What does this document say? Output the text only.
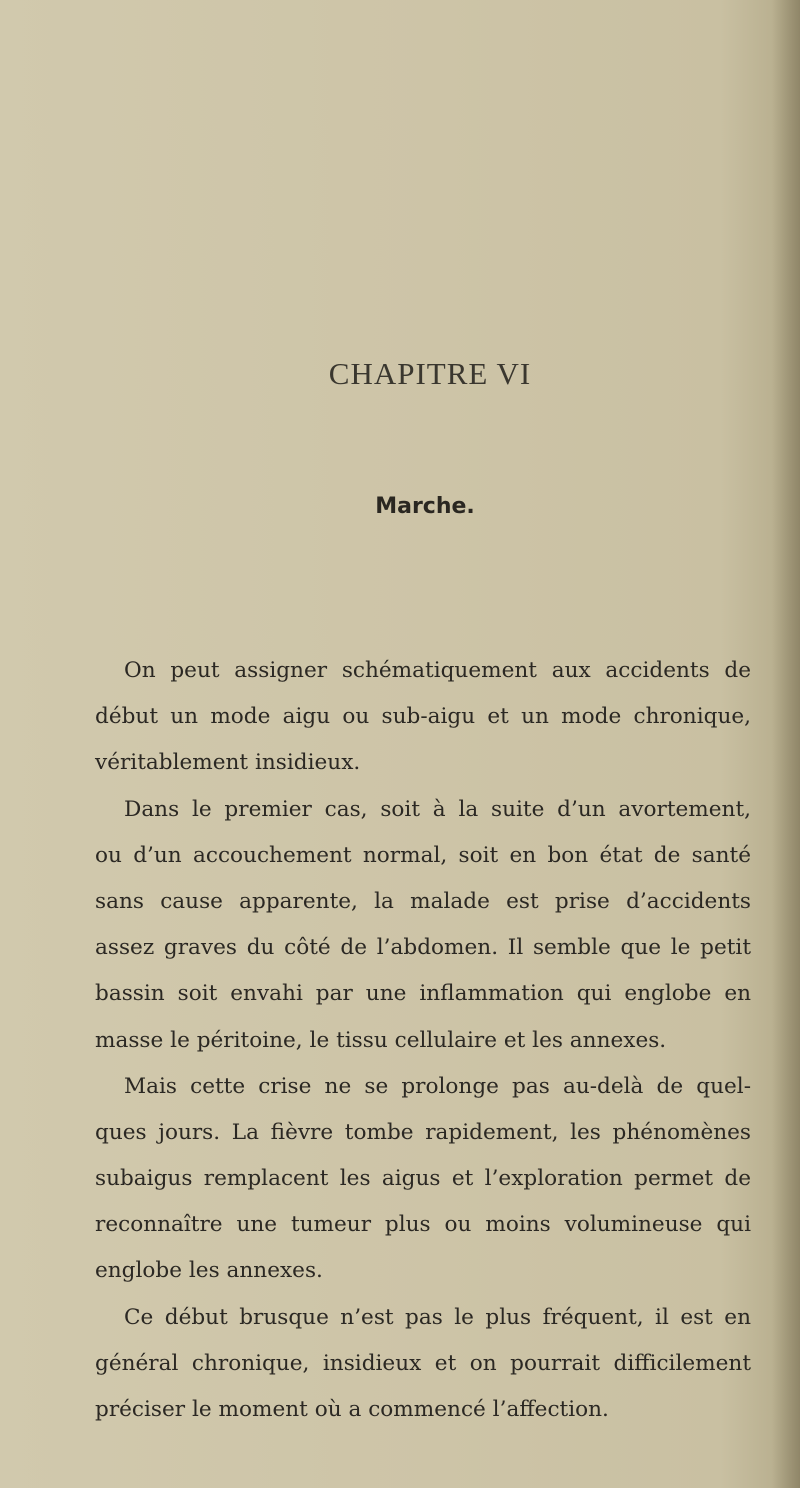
CHAPITRE VI
Marche.
On peut assigner schématiquement aux accidents de
début un mode aigu ou sub-aigu et un mode chronique,
véritablement insidieux.
Dans le premier cas, soit à la suite d’un avortement,
ou d’un accouchement normal, soit en bon état de santé
sans cause apparente, la malade est prise d’accidents
assez graves du côté de l’abdomen. Il semble que le petit
bassin soit envahi par une inflammation qui englobe en
masse le péritoine, le tissu cellulaire et les annexes.
Mais cette crise ne se prolonge pas au-delà de quel-
ques jours. La fièvre tombe rapidement, les phénomènes
subaigus remplacent les aigus et l’exploration permet de
reconnaître une tumeur plus ou moins volumineuse qui
englobe les annexes.
Ce début brusque n’est pas le plus fréquent, il est en
général chronique, insidieux et on pourrait difficilement
préciser le moment où a commencé l’affection.
